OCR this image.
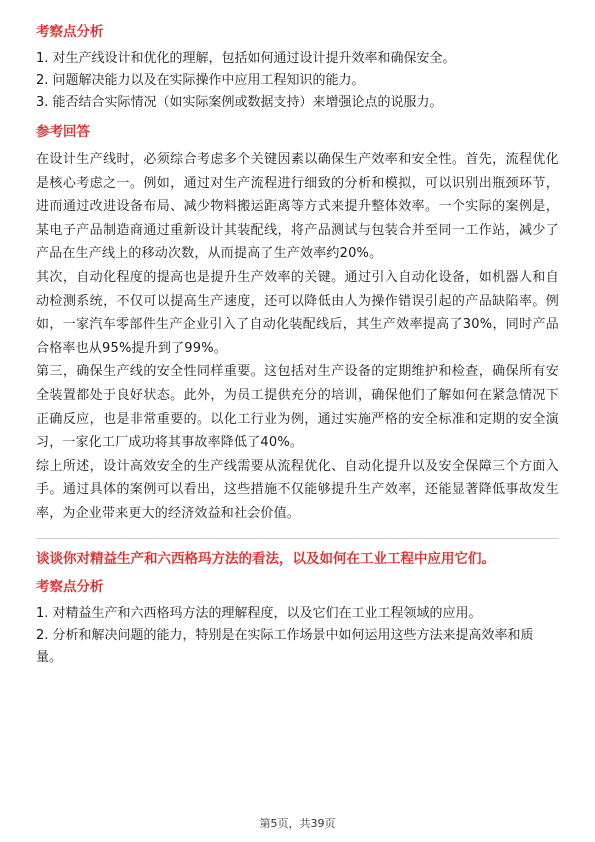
考察点分析

1. 对生产线设计和优化的理解，包括如何通过设计提升效率和确保安全。

2. 问题解决能力以及在实际操作中应用工程知识的能力。

3. 能否结合实际情况（如实际案例或数据支持）来增强论点的说服力。

参考回答

在设计生产线时，必须综合考虑多个关键因素以确保生产效率和安全性。首先，流程优化是核心考虑之一。例如，通过对生产流程进行细致的分析和模拟，可以识别出瓶颈环节，进而通过改进设备布局、减少物料搬运距离等方式来提升整体效率。一个实际的案例是，某电子产品制造商通过重新设计其装配线，将产品测试与包装合并至同一工作站，减少了产品在生产线上的移动次数，从而提高了生产效率约20%。

其次，自动化程度的提高也是提升生产效率的关键。通过引入自动化设备，如机器人和自动检测系统，不仅可以提高生产速度，还可以降低由人为操作错误引起的产品缺陷率。例如，一家汽车零部件生产企业引入了自动化装配线后，其生产效率提高了30%，同时产品合格率也从95%提升到了99%。

第三，确保生产线的安全性同样重要。这包括对生产设备的定期维护和检查，确保所有安全装置都处于良好状态。此外，为员工提供充分的培训，确保他们了解如何在紧急情况下正确反应，也是非常重要的。以化工行业为例，通过实施严格的安全标准和定期的安全演习，一家化工厂成功将其事故率降低了40%。

综上所述，设计高效安全的生产线需要从流程优化、自动化提升以及安全保障三个方面入手。通过具体的案例可以看出，这些措施不仅能够提升生产效率，还能显著降低事故发生率，为企业带来更大的经济效益和社会价值。

谈谈你对精益生产和六西格玛方法的看法，以及如何在工业工程中应用它们。
考察点分析

1. 对精益生产和六西格玛方法的理解程度，以及它们在工业工程领域的应用。

2. 分析和解决问题的能力，特别是在实际工作场景中如何运用这些方法来提高效率和质量。

第5页，共39页
